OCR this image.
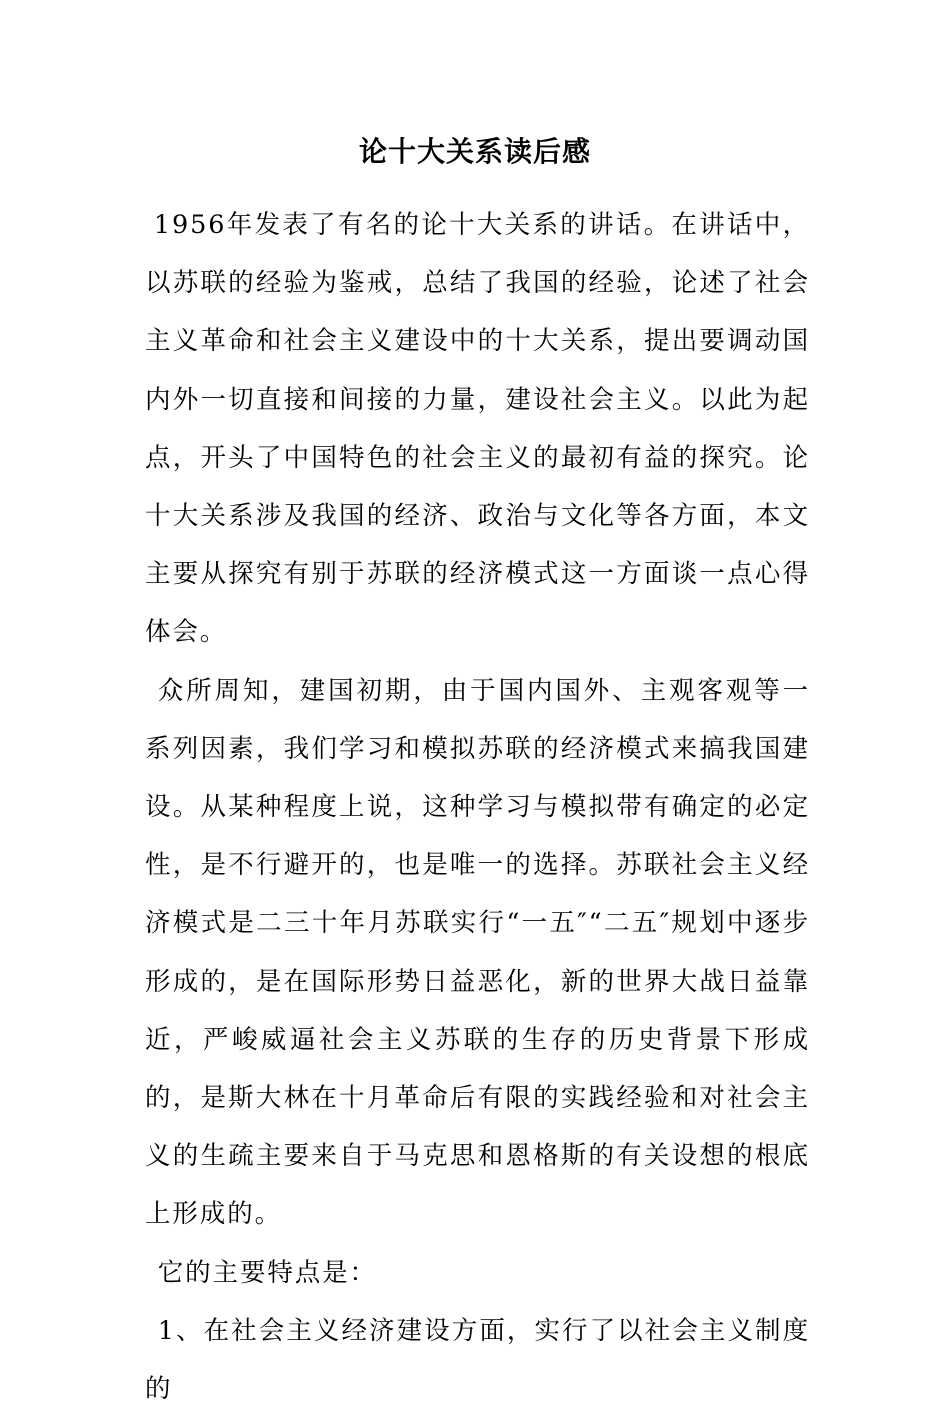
论十大关系读后感

1956年发表了有名的论十大关系的讲话。在讲话中，以苏联的经验为鉴戒，总结了我国的经验，论述了社会主义革命和社会主义建设中的十大关系，提出要调动国内外一切直接和间接的力量，建设社会主义。以此为起点，开头了中国特色的社会主义的最初有益的探究。论十大关系涉及我国的经济、政治与文化等各方面，本文主要从探究有别于苏联的经济模式这一方面谈一点心得体会。

众所周知，建国初期，由于国内国外、主观客观等一系列因素，我们学习和模拟苏联的经济模式来搞我国建设。从某种程度上说，这种学习与模拟带有确定的必定性，是不行避开的，也是唯一的选择。苏联社会主义经济模式是二三十年月苏联实行“一五″“二五″规划中逐步形成的，是在国际形势日益恶化，新的世界大战日益靠近，严峻威逼社会主义苏联的生存的历史背景下形成的，是斯大林在十月革命后有限的实践经验和对社会主义的生疏主要来自于马克思和恩格斯的有关设想的根底上形成的。

它的主要特点是：

1、在社会主义经济建设方面，实行了以社会主义制度的
